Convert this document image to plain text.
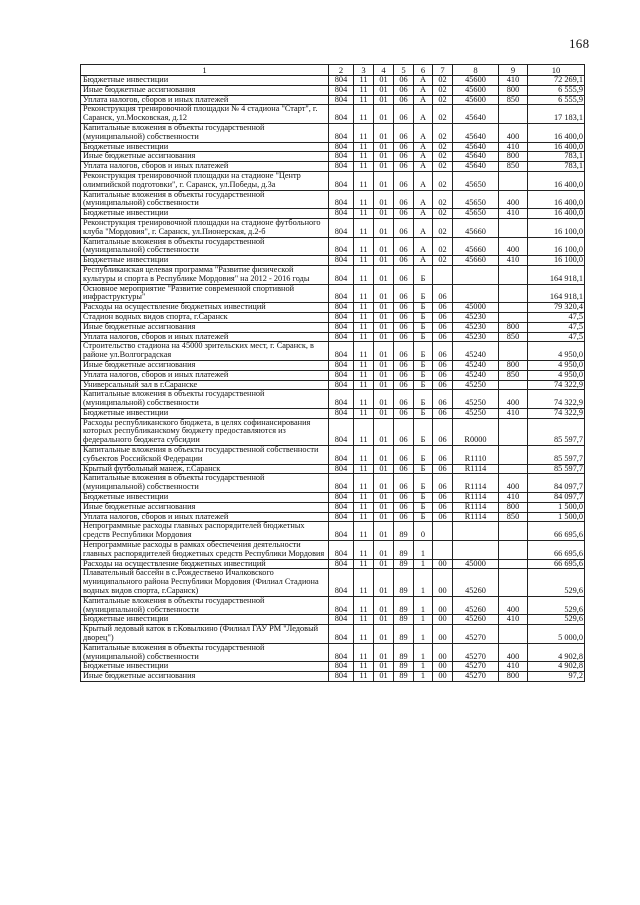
168
1	2	3	4	5	6	7	8	9	10
Бюджетные инвестиции	804	11	01	06	А	02	45600	410	72 269,1
Иные бюджетные ассигнования	804	11	01	06	А	02	45600	800	6 555,9
Уплата налогов, сборов и иных платежей	804	11	01	06	А	02	45600	850	6 555,9
Реконструкция тренировочной площадки № 4 стадиона "Старт", г. Саранск, ул.Московская, д.12	804	11	01	06	А	02	45640		17 183,1
Капитальные вложения в объекты государственной (муниципальной) собственности	804	11	01	06	А	02	45640	400	16 400,0
Бюджетные инвестиции	804	11	01	06	А	02	45640	410	16 400,0
Иные бюджетные ассигнования	804	11	01	06	А	02	45640	800	783,1
Уплата налогов, сборов и иных платежей	804	11	01	06	А	02	45640	850	783,1
Реконструкция тренировочной площадки на стадионе "Центр олимпийской подготовки", г. Саранск, ул.Победы, д.3а	804	11	01	06	А	02	45650		16 400,0
Капитальные вложения в объекты государственной (муниципальной) собственности	804	11	01	06	А	02	45650	400	16 400,0
Бюджетные инвестиции	804	11	01	06	А	02	45650	410	16 400,0
Реконструкция тренировочной площадки на стадионе футбольного клуба "Мордовия", г. Саранск, ул.Пионерская, д.2-б	804	11	01	06	А	02	45660		16 100,0
Капитальные вложения в объекты государственной (муниципальной) собственности	804	11	01	06	А	02	45660	400	16 100,0
Бюджетные инвестиции	804	11	01	06	А	02	45660	410	16 100,0
Республиканская целевая программа "Развитие физической культуры и спорта в Республике Мордовия" на 2012 - 2016 годы	804	11	01	06	Б				164 918,1
Основное мероприятие "Развитие современной спортивной инфраструктуры"	804	11	01	06	Б	06			164 918,1
Расходы на осуществление бюджетных инвестиций	804	11	01	06	Б	06	45000		79 320,4
Стадион водных видов спорта, г.Саранск	804	11	01	06	Б	06	45230		47,5
Иные бюджетные ассигнования	804	11	01	06	Б	06	45230	800	47,5
Уплата налогов, сборов и иных платежей	804	11	01	06	Б	06	45230	850	47,5
Строительство стадиона на 45000 зрительских мест, г. Саранск, в районе ул.Волгоградская	804	11	01	06	Б	06	45240		4 950,0
Иные бюджетные ассигнования	804	11	01	06	Б	06	45240	800	4 950,0
Уплата налогов, сборов и иных платежей	804	11	01	06	Б	06	45240	850	4 950,0
Универсальный зал в г.Саранске	804	11	01	06	Б	06	45250		74 322,9
Капитальные вложения в объекты государственной (муниципальной) собственности	804	11	01	06	Б	06	45250	400	74 322,9
Бюджетные инвестиции	804	11	01	06	Б	06	45250	410	74 322,9
Расходы республиканского бюджета, в целях софинансирования которых республиканскому бюджету предоставляются из федерального бюджета субсидии	804	11	01	06	Б	06	R0000		85 597,7
Капитальные вложения в объекты государственной собственности субъектов Российской Федерации	804	11	01	06	Б	06	R1110		85 597,7
Крытый футбольный манеж, г.Саранск	804	11	01	06	Б	06	R1114		85 597,7
Капитальные вложения в объекты государственной (муниципальной) собственности	804	11	01	06	Б	06	R1114	400	84 097,7
Бюджетные инвестиции	804	11	01	06	Б	06	R1114	410	84 097,7
Иные бюджетные ассигнования	804	11	01	06	Б	06	R1114	800	1 500,0
Уплата налогов, сборов и иных платежей	804	11	01	06	Б	06	R1114	850	1 500,0
Непрограммные расходы главных распорядителей бюджетных средств Республики Мордовия	804	11	01	89	0				66 695,6
Непрограммные расходы в рамках обеспечения деятельности главных распорядителей бюджетных средств Республики Мордовия	804	11	01	89	1				66 695,6
Расходы на осуществление бюджетных инвестиций	804	11	01	89	1	00	45000		66 695,6
Плавательный бассейн в с.Рождествено Ичалковского муниципального района Республики Мордовия (Филиал Стадиона водных видов спорта, г.Саранск)	804	11	01	89	1	00	45260		529,6
Капитальные вложения в объекты государственной (муниципальной) собственности	804	11	01	89	1	00	45260	400	529,6
Бюджетные инвестиции	804	11	01	89	1	00	45260	410	529,6
Крытый ледовый каток в г.Ковылкино (Филиал ГАУ РМ "Ледовый дворец")	804	11	01	89	1	00	45270		5 000,0
Капитальные вложения в объекты государственной (муниципальной) собственности	804	11	01	89	1	00	45270	400	4 902,8
Бюджетные инвестиции	804	11	01	89	1	00	45270	410	4 902,8
Иные бюджетные ассигнования	804	11	01	89	1	00	45270	800	97,2
